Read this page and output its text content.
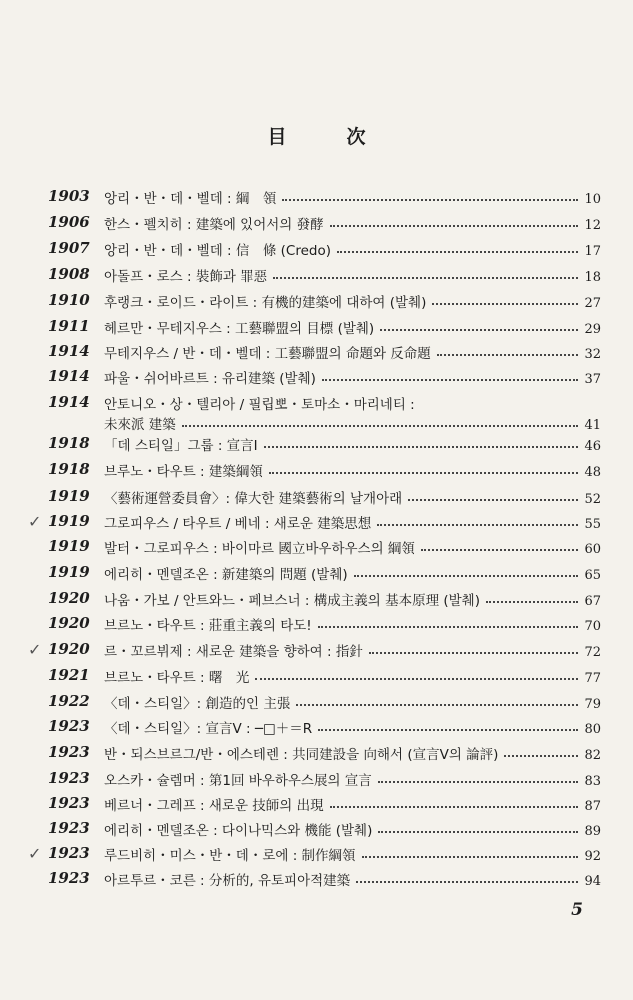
目	次
1903	앙리・반・데・벨데 : 綱　領	10
1906	한스・펠치히 : 建築에 있어서의 發酵	12
1907	앙리・반・데・벨데 : 信　條 (Credo)	17
1908	아돌프・로스 : 裝飾과 罪惡	18
1910	후랭크・로이드・라이트 : 有機的建築에 대하여 (발췌)	27
1911	헤르만・무테지우스 : 工藝聯盟의 目標 (발췌)	29
1914	무테지우스 / 반・데・벨데 : 工藝聯盟의 命題와 反命題	32
1914	파울・쉬어바르트 : 유리建築 (발췌)	37
1914	안토니오・상・텔리아 / 필립뽀・토마소・마리네티 :
未來派 建築	41
1918	「데 스티일」그룹 : 宣言Ⅰ	46
1918	브루노・타우트 : 建築綱領	48
1919	〈藝術運營委員會〉: 偉大한 建築藝術의 날개아래	52
✓ 1919	그로피우스 / 타우트 / 베네 : 새로운 建築思想	55
1919	발터・그로피우스 : 바이마르 國立바우하우스의 綱領	60
1919	에리히・멘델조온 : 新建築의 問題 (발췌)	65
1920	나움・가보 / 안트와느・페브스너 : 構成主義의 基本原理 (발췌)	67
1920	브르노・타우트 : 莊重主義의 타도!	70
✓ 1920	르・꼬르뷔제 : 새로운 建築을 향하여 : 指針	72
1921	브르노・타우트 : 曙　光	77
1922	〈데・스티일〉: 創造的인 主張	79
1923	〈데・스티일〉: 宣言Ⅴ : ─□＋＝R	80
1923	반・되스브르그/반・에스테렌 : 共同建設을 向해서 (宣言Ⅴ의 論評)	82
1923	오스카・슐렘머 : 第1回 바우하우스展의 宣言	83
1923	베르너・그레프 : 새로운 技師의 出現	87
1923	에리히・멘델조온 : 다이나믹스와 機能 (발췌)	89
✓ 1923	루드비히・미스・반・데・로에 : 制作綱領	92
1923	아르투르・코른 : 分析的, 유토피아적建築	94
5
